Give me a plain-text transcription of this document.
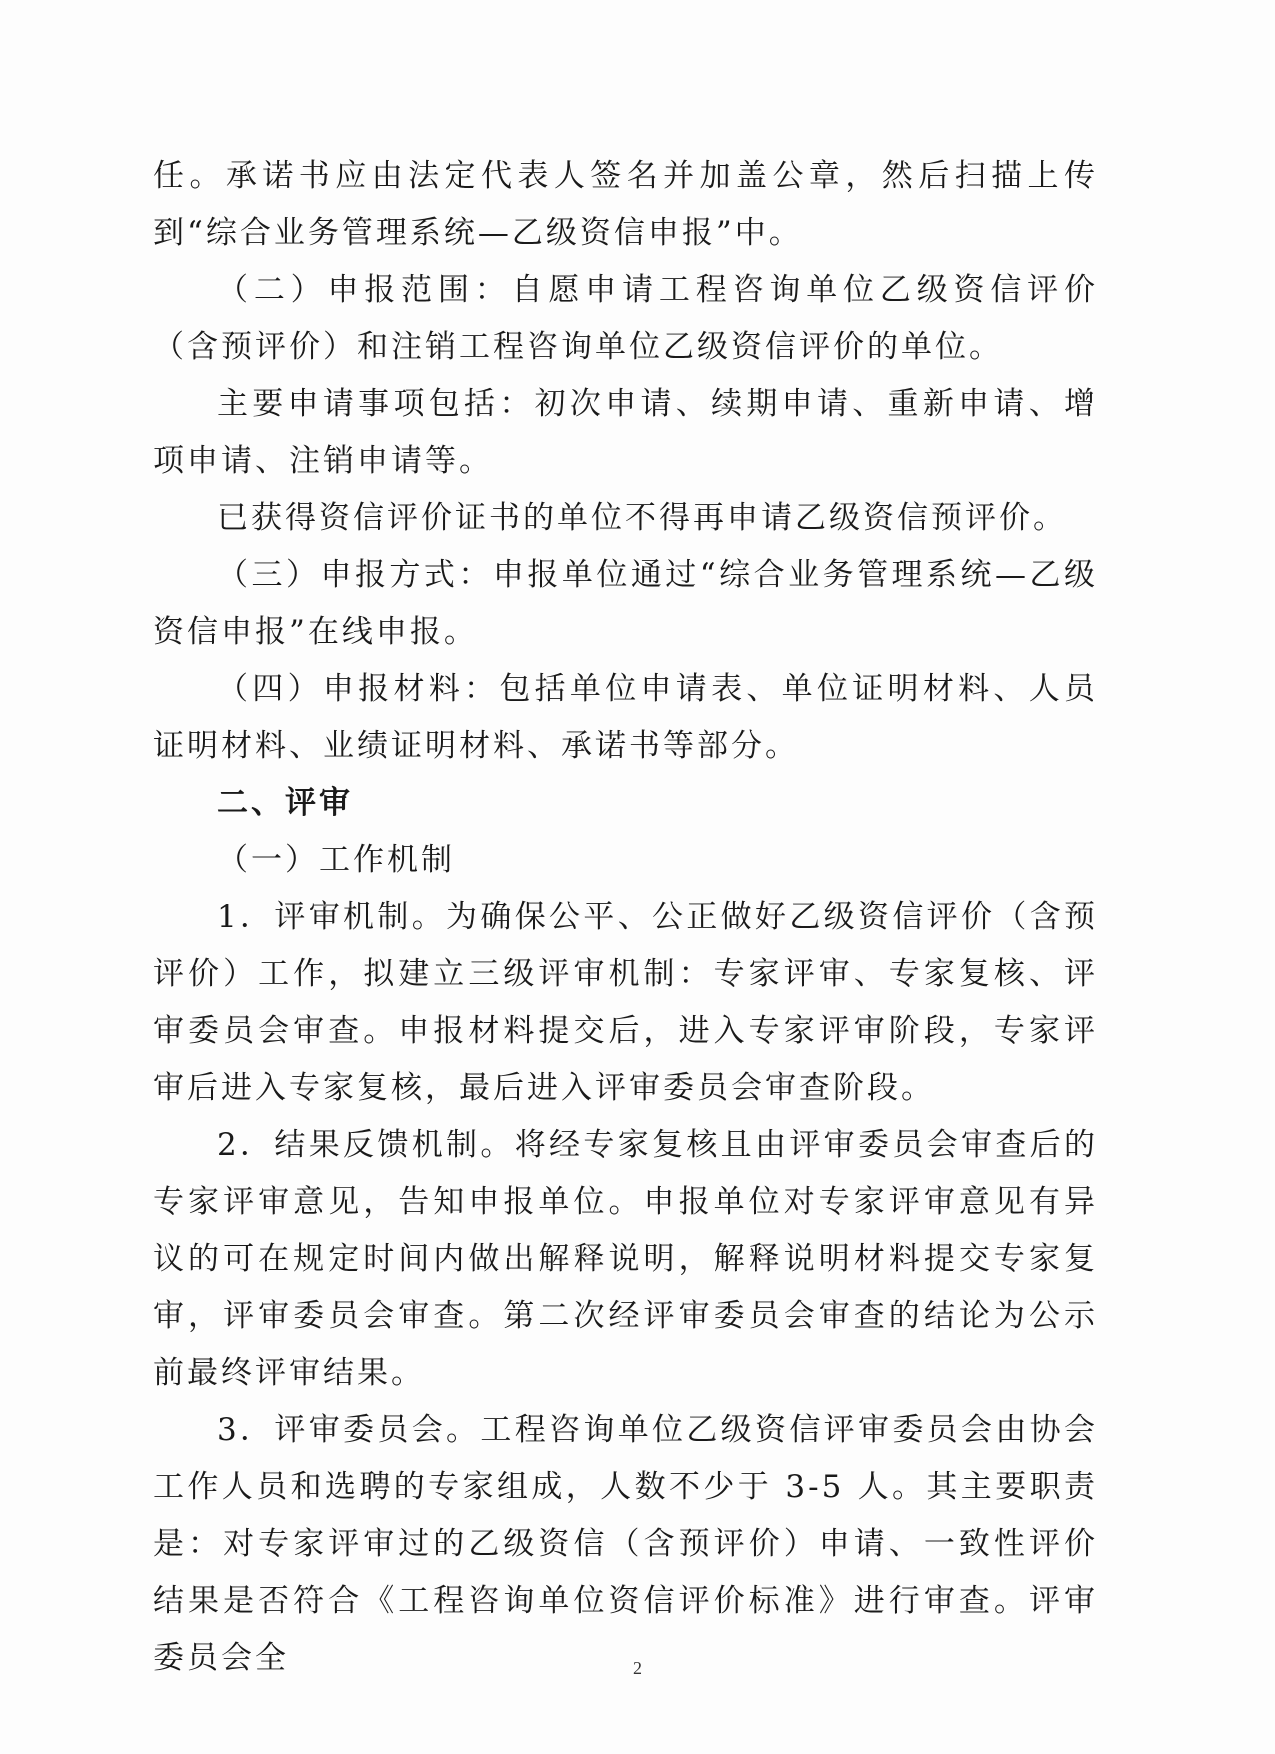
任。承诺书应由法定代表人签名并加盖公章，然后扫描上传到“综合业务管理系统—乙级资信申报”中。

（二）申报范围：自愿申请工程咨询单位乙级资信评价（含预评价）和注销工程咨询单位乙级资信评价的单位。

主要申请事项包括：初次申请、续期申请、重新申请、增项申请、注销申请等。

已获得资信评价证书的单位不得再申请乙级资信预评价。

（三）申报方式：申报单位通过“综合业务管理系统—乙级资信申报”在线申报。

（四）申报材料：包括单位申请表、单位证明材料、人员证明材料、业绩证明材料、承诺书等部分。

二、评审

（一）工作机制

1．评审机制。为确保公平、公正做好乙级资信评价（含预评价）工作，拟建立三级评审机制：专家评审、专家复核、评审委员会审查。申报材料提交后，进入专家评审阶段，专家评审后进入专家复核，最后进入评审委员会审查阶段。

2．结果反馈机制。将经专家复核且由评审委员会审查后的专家评审意见，告知申报单位。申报单位对专家评审意见有异议的可在规定时间内做出解释说明，解释说明材料提交专家复审，评审委员会审查。第二次经评审委员会审查的结论为公示前最终评审结果。

3．评审委员会。工程咨询单位乙级资信评审委员会由协会工作人员和选聘的专家组成，人数不少于 3-5 人。其主要职责是：对专家评审过的乙级资信（含预评价）申请、一致性评价结果是否符合《工程咨询单位资信评价标准》进行审查。评审委员会全	2
